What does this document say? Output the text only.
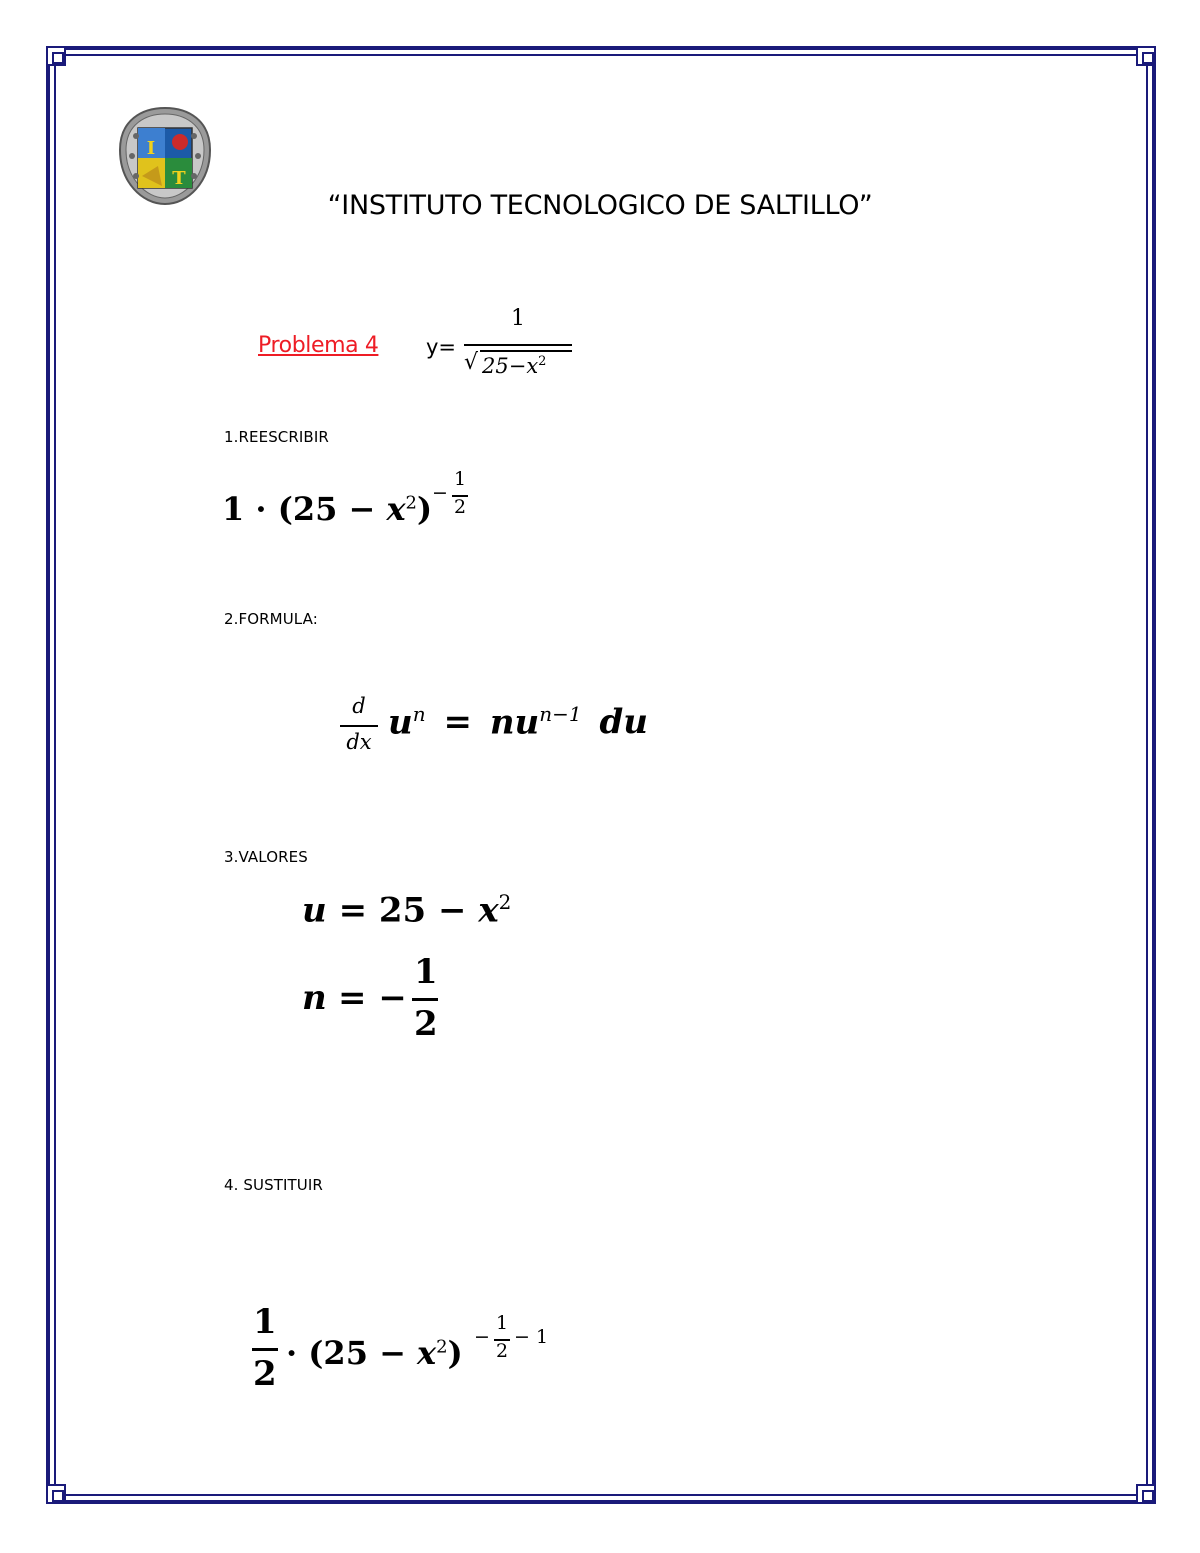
I
T
“INSTITUTO TECNOLOGICO DE SALTILLO”
Problema 4 y=
1
√ $25-x^2$
1.REESCRIBIR
$1 \cdot (25 - x^2)$ −
1
2
2.FORMULA:
d
dx $u^n = nu^{n-1}$ du
3.VALORES
$u = 25 - x^2$
n = −
1
2
4. SUSTITUIR
1
2
· $(25 - x^2)$ −
1
2
− 1
